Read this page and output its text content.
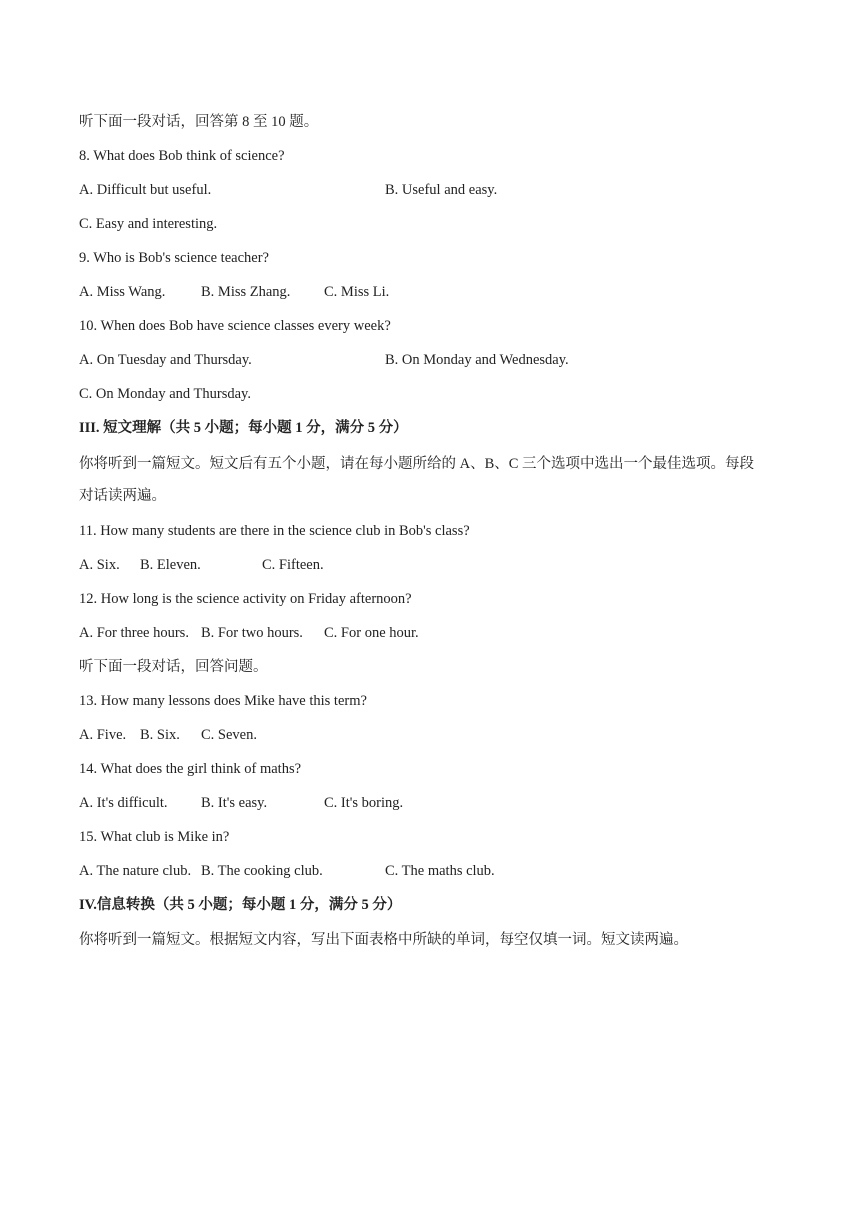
听下面一段对话，回答第 8 至 10 题。
8. What does Bob think of science?
A. Difficult but useful.	B. Useful and easy.
C. Easy and interesting.
9. Who is Bob's science teacher?
A. Miss Wang. B. Miss Zhang. C. Miss Li.
10. When does Bob have science classes every week?
A. On Tuesday and Thursday.	B. On Monday and Wednesday.
C. On Monday and Thursday.
III. 短文理解（共 5 小题；每小题 1 分，满分 5 分）
你将听到一篇短文。短文后有五个小题，请在每小题所给的 A、B、C 三个选项中选出一个最佳选项。每段
对话读两遍。
11. How many students are there in the science club in Bob's class?
A. Six. B. Eleven.	C. Fifteen.
12. How long is the science activity on Friday afternoon?
A. For three hours. B. For two hours. C. For one hour.
听下面一段对话，回答问题。
13. How many lessons does Mike have this term?
A. Five. B. Six. C. Seven.
14. What does the girl think of maths?
A. It's difficult. B. It's easy.	C. It's boring.
15. What club is Mike in?
A. The nature club. B. The cooking club.	C. The maths club.
IV.信息转换（共 5 小题；每小题 1 分，满分 5 分）
你将听到一篇短文。根据短文内容，写出下面表格中所缺的单词，每空仅填一词。短文读两遍。
